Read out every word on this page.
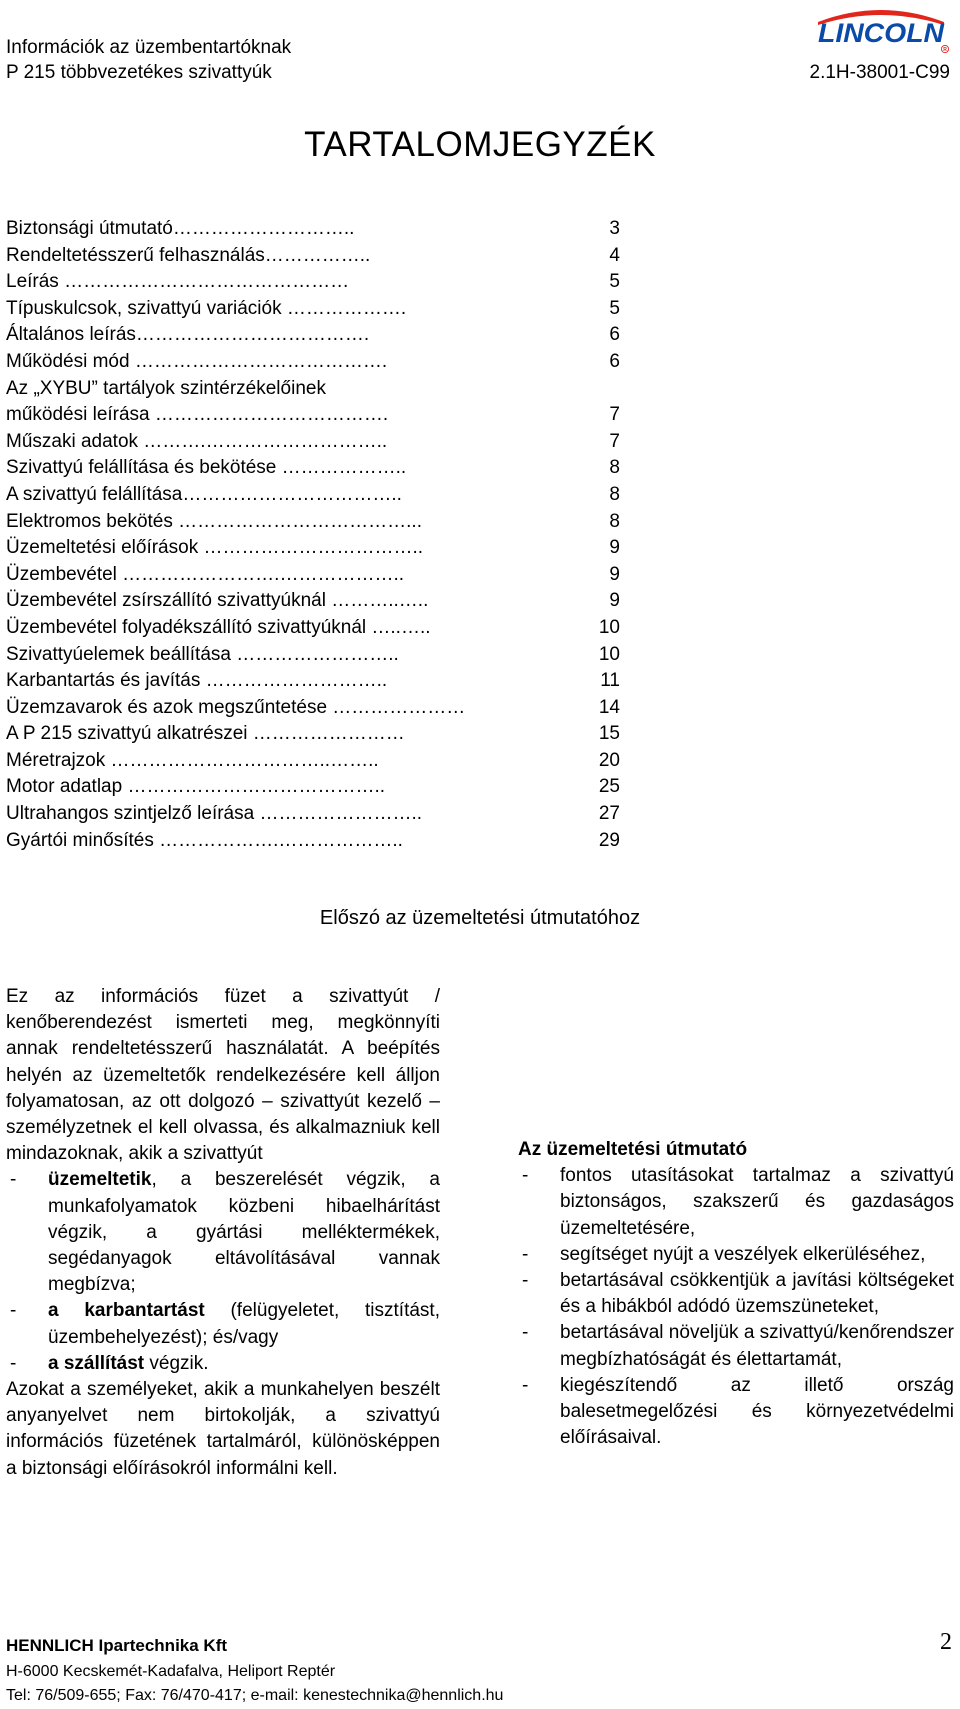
Információk az üzembentartóknak
P 215 többvezetékes szivattyúk	2.1H-38001-C99
LINCOLN
R
TARTALOMJEGYZÉK
Biztonsági útmutató………………………..	3
Rendeltetésszerű felhasználás……………..	4
Leírás ………………………………………	5
Típuskulcsok, szivattyú variációk ……………….	5
Általános leírás……………………………….	6
Működési mód ………………………………….	6
Az „XYBU” tartályok szintérzékelőinek
működési leírása ……………………………….	7
Műszaki adatok ……….………………………..	7
Szivattyú felállítása és bekötése ………………..	8
A szivattyú felállítása……………………………..	8
Elektromos bekötés ………………………………...	8
Üzemeltetési előírások ……………………………..	9
Üzembevétel …………………….………………..	9
Üzembevétel zsírszállító szivattyúknál ………..…..	9
Üzembevétel folyadékszállító szivattyúknál …..…..	10
Szivattyúelemek beállítása ……………………..	10
Karbantartás és javítás ………………………..	11
Üzemzavarok és azok megszűntetése …………………	14
A P 215 szivattyú alkatrészei ……………………	15
Méretrajzok ……………………………..……..	20
Motor adatlap …………………………………..	25
Ultrahangos szintjelző leírása ……………………..	27
Gyártói minősítés ……………….………………..	29
Előszó az üzemeltetési útmutatóhoz

Ez az információs füzet a szivattyút / kenőberendezést ismerteti meg, megkönnyíti annak rendeltetésszerű használatát. A beépítés helyén az üzemeltetők rendelkezésére kell álljon folyamatosan, az ott dolgozó – szivattyút kezelő – személyzetnek el kell olvassa, és alkalmazniuk kell mindazoknak, akik a szivattyút

- üzemeltetik, a beszerelését végzik, a munkafolyamatok közbeni hibaelhárítást végzik, a gyártási melléktermékek, segédanyagok eltávolításával vannak megbízva;
- a karbantartást (felügyeletet, tisztítást, üzembehelyezést); és/vagy
- a szállítást végzik.

Azokat a személyeket, akik a munkahelyen beszélt anyanyelvet nem birtokolják, a szivattyú információs füzetének tartalmáról, különösképpen a biztonsági előírásokról informálni kell.

Az üzemeltetési útmutató

- fontos utasításokat tartalmaz a szivattyú biztonságos, szakszerű és gazdaságos üzemeltetésére,
- segítséget nyújt a veszélyek elkerüléséhez,
- betartásával csökkentjük a javítási költségeket és a hibákból adódó üzemszüneteket,
- betartásával növeljük a szivattyú/kenőrendszer megbízhatóságát és élettartamát,
- kiegészítendő az illető ország balesetmegelőzési és környezetvédelmi előírásaival.
HENNLICH Ipartechnika Kft
H-6000 Kecskemét-Kadafalva, Heliport Reptér
Tel: 76/509-655; Fax: 76/470-417; e-mail: kenestechnika@hennlich.hu
2
